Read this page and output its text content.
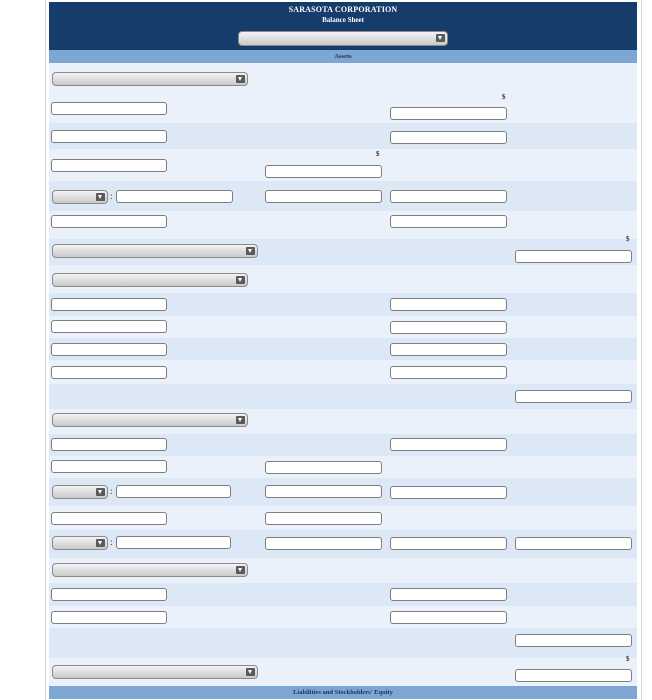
SARASOTA CORPORATION
Balance Sheet
Assets
:
:
:
$
$
$
$
Liabilities and Stockholders' Equity
